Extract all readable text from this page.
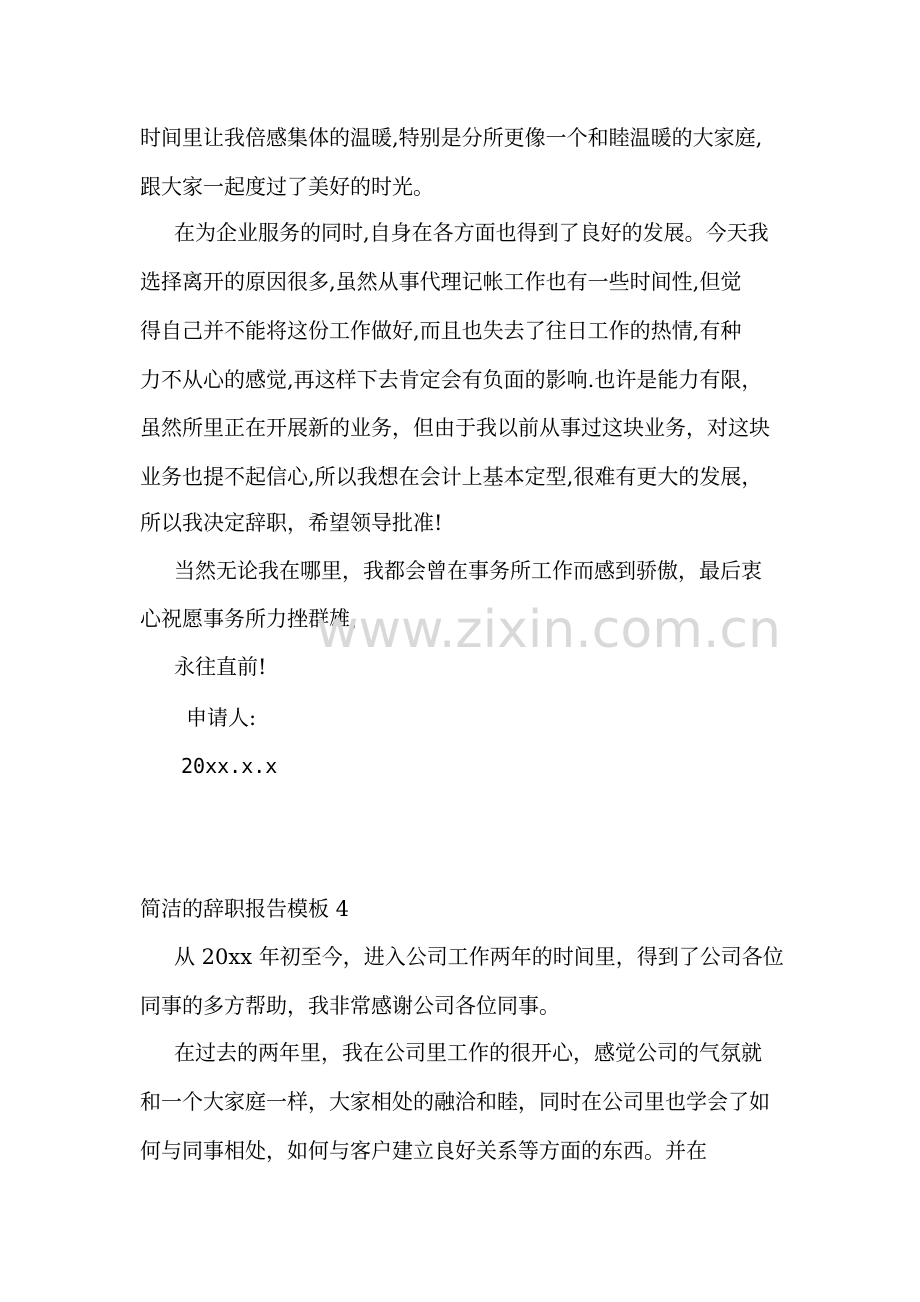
时间里让我倍感集体的温暖,特别是分所更像一个和睦温暖的大家庭,
跟大家一起度过了美好的时光。
在为企业服务的同时,自身在各方面也得到了良好的发展。今天我
选择离开的原因很多,虽然从事代理记帐工作也有一些时间性,但觉
得自己并不能将这份工作做好,而且也失去了往日工作的热情,有种
力不从心的感觉,再这样下去肯定会有负面的影响.也许是能力有限，
虽然所里正在开展新的业务，但由于我以前从事过这块业务，对这块
业务也提不起信心,所以我想在会计上基本定型,很难有更大的发展，
所以我决定辞职，希望领导批准!
当然无论我在哪里，我都会曾在事务所工作而感到骄傲，最后衷
心祝愿事务所力挫群雄，
永往直前!
申请人:
20xx.x.x
简洁的辞职报告模板 4
从 20xx 年初至今，进入公司工作两年的时间里，得到了公司各位
同事的多方帮助，我非常感谢公司各位同事。
在过去的两年里，我在公司里工作的很开心，感觉公司的气氛就
和一个大家庭一样，大家相处的融洽和睦，同时在公司里也学会了如
何与同事相处，如何与客户建立良好关系等方面的东西。并在
www.zixin.com.cn
